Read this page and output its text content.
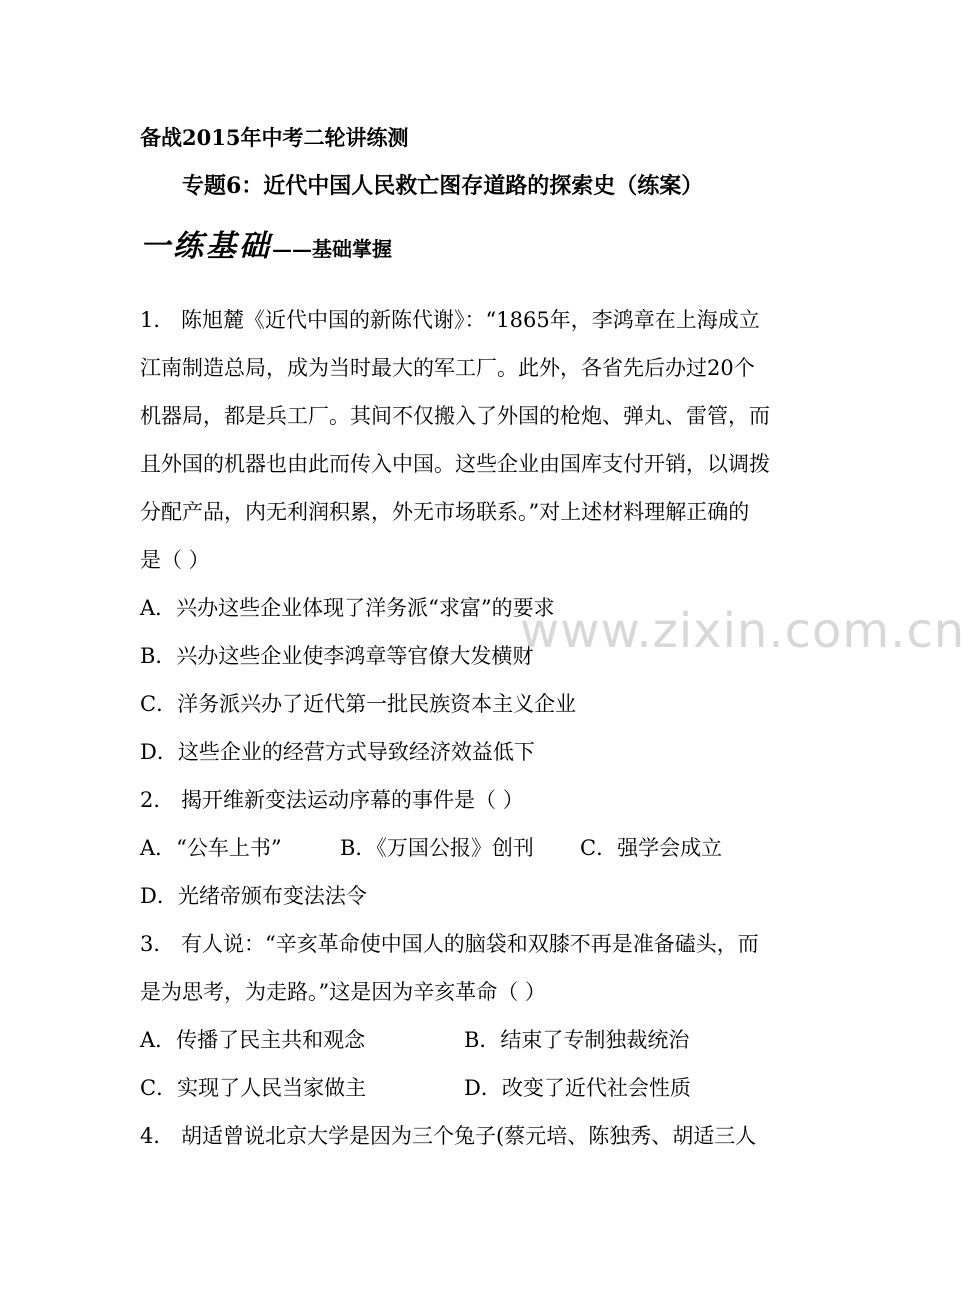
备战2015年中考二轮讲练测
专题6：近代中国人民救亡图存道路的探索史（练案）
一练基础——基础掌握
1． 陈旭麓《近代中国的新陈代谢》：“1865年，李鸿章在上海成立
江南制造总局，成为当时最大的军工厂。此外，各省先后办过20个
机器局，都是兵工厂。其间不仅搬入了外国的枪炮、弹丸、雷管，而
且外国的机器也由此而传入中国。这些企业由国库支付开销，以调拨
分配产品，内无利润积累，外无市场联系。”对上述材料理解正确的
是（ ）
A．兴办这些企业体现了洋务派“求富”的要求
B．兴办这些企业使李鸿章等官僚大发横财
C．洋务派兴办了近代第一批民族资本主义企业
D．这些企业的经营方式导致经济效益低下
2． 揭开维新变法运动序幕的事件是（ ）
A．“公车上书”	B．《万国公报》创刊 C．强学会成立
D．光绪帝颁布变法法令
3． 有人说：“辛亥革命使中国人的脑袋和双膝不再是准备磕头，而
是为思考，为走路。”这是因为辛亥革命（ ）
A．传播了民主共和观念	B．结束了专制独裁统治
C．实现了人民当家做主	D．改变了近代社会性质
4． 胡适曾说北京大学是因为三个兔子(蔡元培、陈独秀、胡适三人
www.zixin.com.cn
